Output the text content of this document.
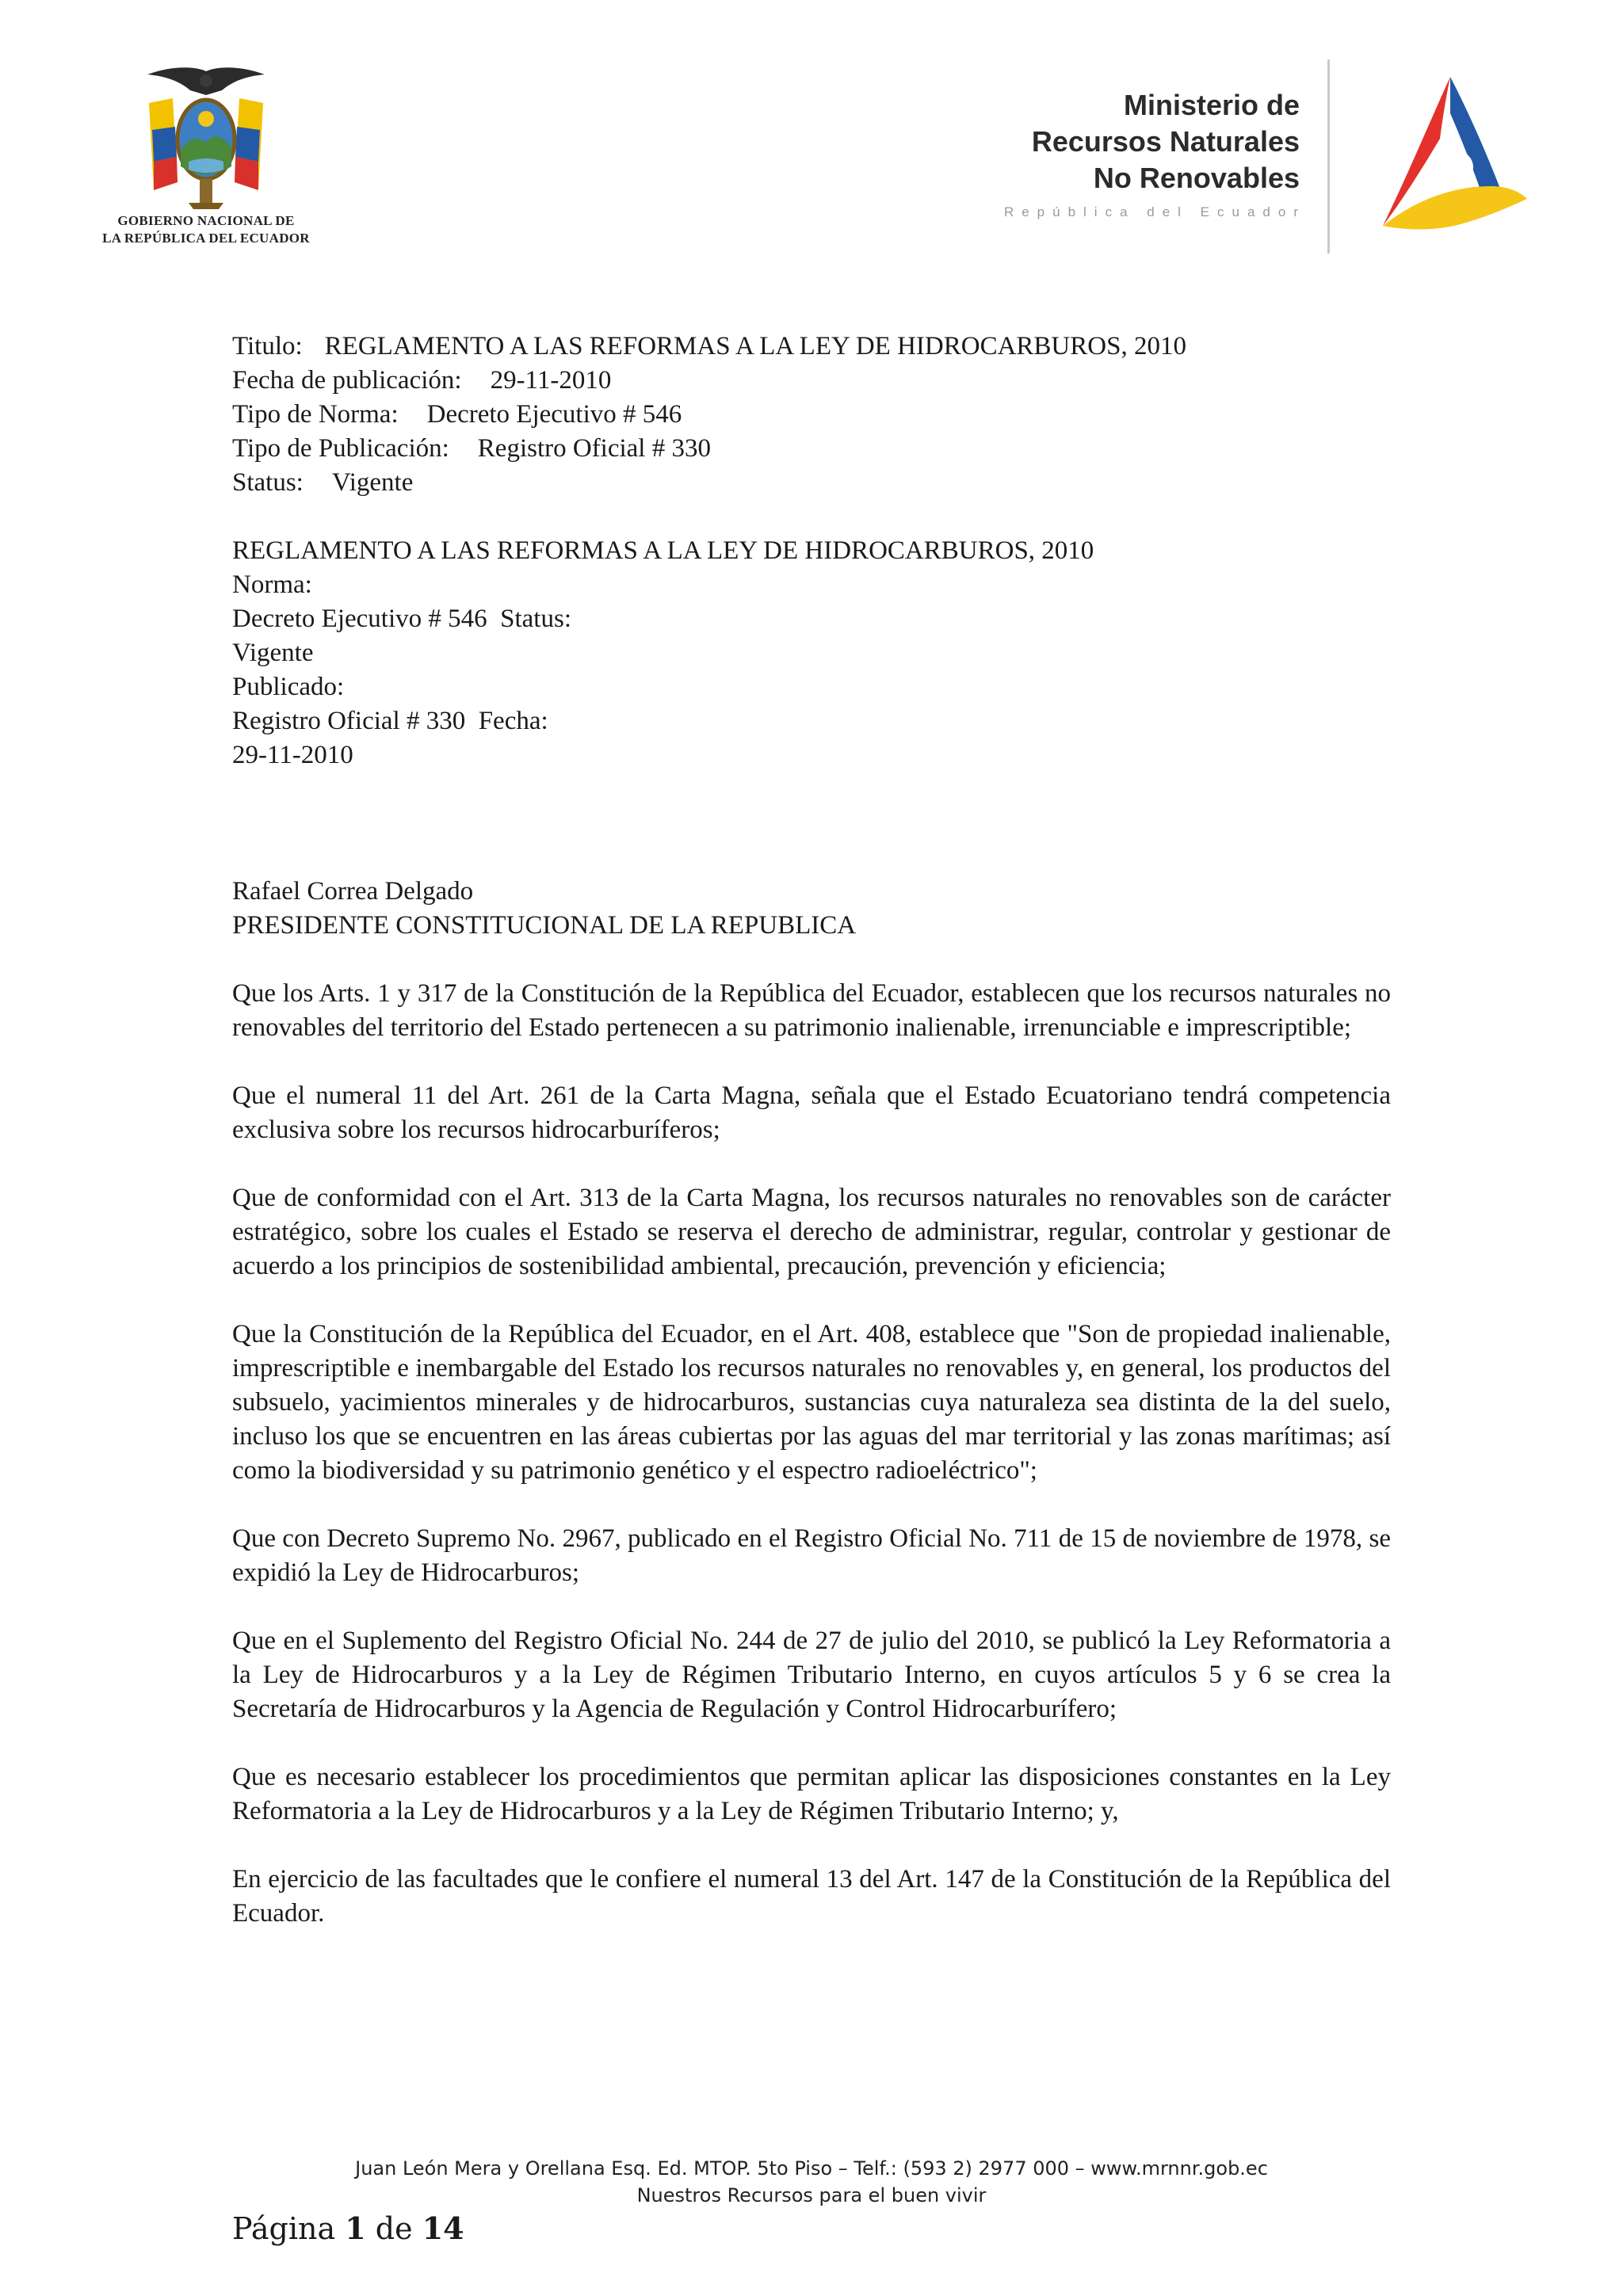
GOBIERNO NACIONAL DE
LA REPÚBLICA DEL ECUADOR
Ministerio de
Recursos Naturales
No Renovables
República del Ecuador
Titulo: REGLAMENTO A LAS REFORMAS A LA LEY DE HIDROCARBUROS, 2010
Fecha de publicación: 29-11-2010
Tipo de Norma: Decreto Ejecutivo # 546
Tipo de Publicación: Registro Oficial # 330
Status: Vigente
REGLAMENTO A LAS REFORMAS A LA LEY DE HIDROCARBUROS, 2010
Norma:
Decreto Ejecutivo # 546  Status:
Vigente
Publicado:
Registro Oficial # 330  Fecha:
29-11-2010
Rafael Correa Delgado
PRESIDENTE CONSTITUCIONAL DE LA REPUBLICA

Que los Arts. 1 y 317 de la Constitución de la República del Ecuador, establecen que los recursos naturales no renovables del territorio del Estado pertenecen a su patrimonio inalienable, irrenunciable e imprescriptible;

Que el numeral 11 del Art. 261 de la Carta Magna, señala que el Estado Ecuatoriano tendrá competencia exclusiva sobre los recursos hidrocarburíferos;

Que de conformidad con el Art. 313 de la Carta Magna, los recursos naturales no renovables son de carácter estratégico, sobre los cuales el Estado se reserva el derecho de administrar, regular, controlar y gestionar de acuerdo a los principios de sostenibilidad ambiental, precaución, prevención y eficiencia;

Que la Constitución de la República del Ecuador, en el Art. 408, establece que "Son de propiedad inalienable, imprescriptible e inembargable del Estado los recursos naturales no renovables y, en general, los productos del subsuelo, yacimientos minerales y de hidrocarburos, sustancias cuya naturaleza sea distinta de la del suelo, incluso los que se encuentren en las áreas cubiertas por las aguas del mar territorial y las zonas marítimas; así como la biodiversidad y su patrimonio genético y el espectro radioeléctrico";

Que con Decreto Supremo No. 2967, publicado en el Registro Oficial No. 711 de 15 de noviembre de 1978, se expidió la Ley de Hidrocarburos;

Que en el Suplemento del Registro Oficial No. 244 de 27 de julio del 2010, se publicó la Ley Reformatoria a la Ley de Hidrocarburos y a la Ley de Régimen Tributario Interno, en cuyos artículos 5 y 6 se crea la Secretaría de Hidrocarburos y la Agencia de Regulación y Control Hidrocarburífero;

Que es necesario establecer los procedimientos que permitan aplicar las disposiciones constantes en la Ley Reformatoria a la Ley de Hidrocarburos y a la Ley de Régimen Tributario Interno; y,

En ejercicio de las facultades que le confiere el numeral 13 del Art. 147 de la Constitución de la República del Ecuador.

Juan León Mera y Orellana Esq. Ed. MTOP. 5to Piso – Telf.: (593 2) 2977 000 – www.mrnnr.gob.ec
Nuestros Recursos para el buen vivir
Página 1 de 14
